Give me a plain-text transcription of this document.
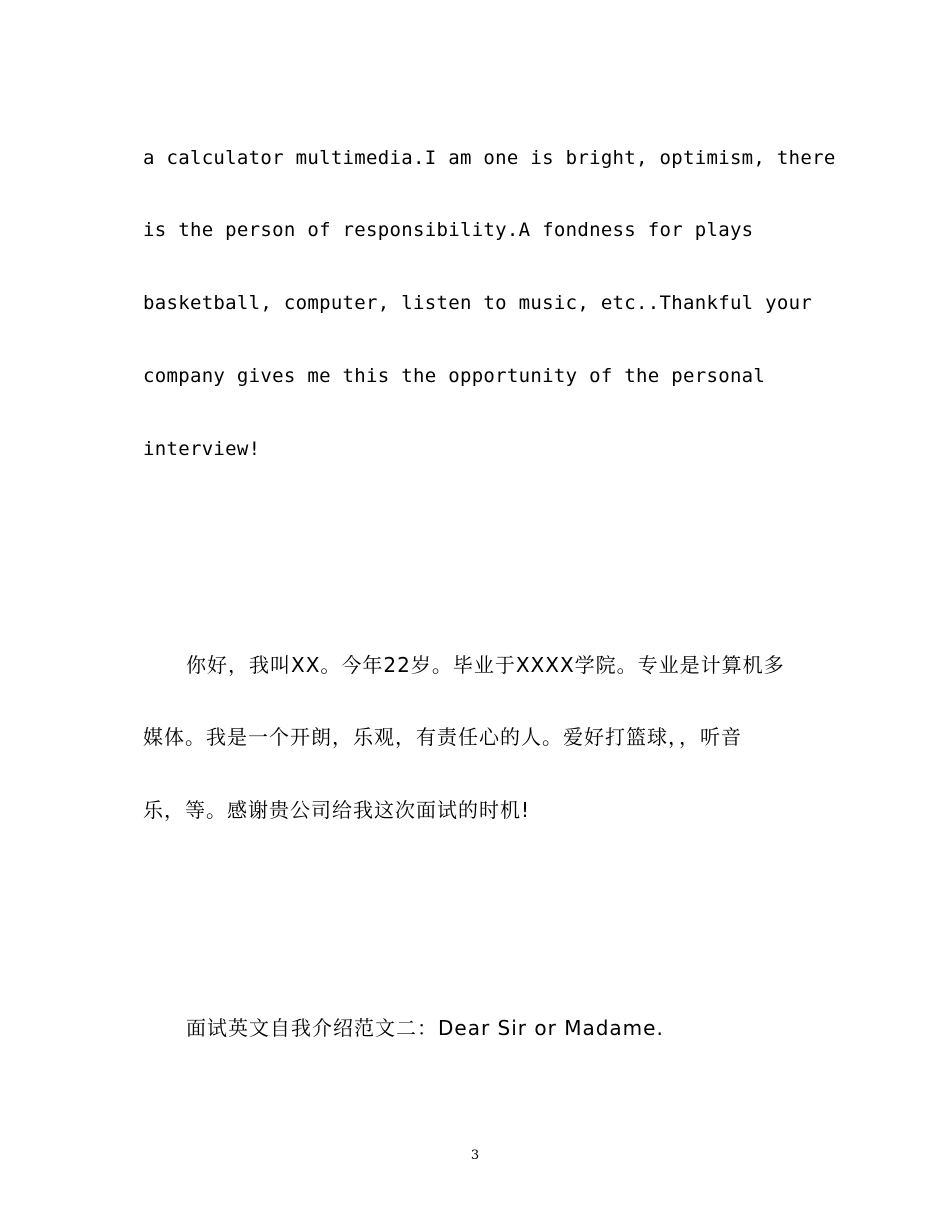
a calculator multimedia.I am one is bright, optimism, there
is the person of responsibility.A fondness for plays
basketball, computer, listen to music, etc..Thankful your
company gives me this the opportunity of the personal
interview!
你好，我叫XX。今年22岁。毕业于XXXX学院。专业是计算机多
媒体。我是一个开朗，乐观，有责任心的人。爱好打篮球，，听音
乐，等。感谢贵公司给我这次面试的时机!
面试英文自我介绍范文二：Dear Sir or Madame.
3
